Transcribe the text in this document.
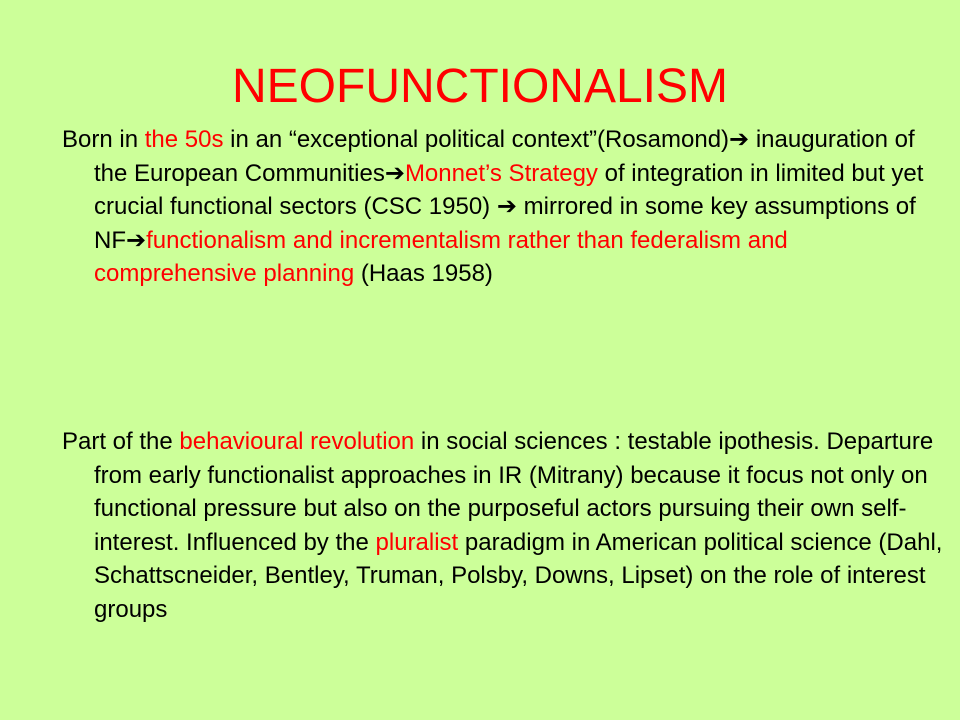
NEOFUNCTIONALISM

Born in the 50s in an “exceptional political context”(Rosamond)➔ inauguration of the European Communities➔Monnet’s Strategy of integration in limited but yet crucial functional sectors (CSC 1950) ➔ mirrored in some key assumptions of NF➔functionalism and incrementalism rather than federalism and comprehensive planning (Haas 1958)

Part of the behavioural revolution in social sciences : testable ipothesis. Departure from early functionalist approaches in IR (Mitrany) because it focus not only on functional pressure but also on the purposeful actors pursuing their own self-interest. Influenced by the pluralist paradigm in American political science (Dahl, Schattscneider, Bentley, Truman, Polsby, Downs, Lipset) on the role of interest groups
